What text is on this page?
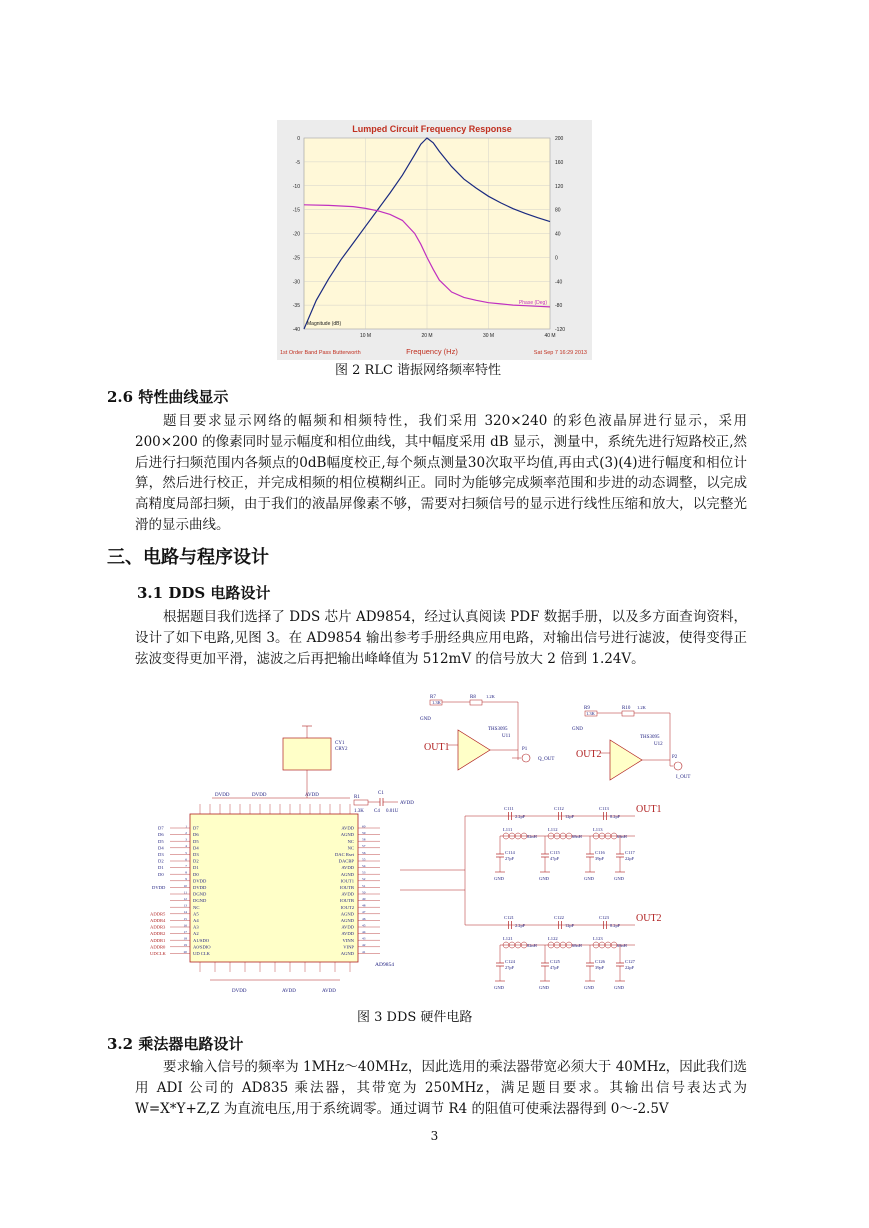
Lumped Circuit Frequency Response
0
-5
-10
-15
-20
-25
-30
-35
-40
200
160
120
80
40
0
-40
-80
-120
10 M	20 M	30 M	40 M
Magnitude (dB)
Phase (Deg)
Frequency (Hz)
1st Order Band Pass Butterworth	Sat Sep 7 16:29 2013
图 2 RLC 谐振网络频率特性
2.6 特性曲线显示

题目要求显示网络的幅频和相频特性，我们采用 320×240 的彩色液晶屏进行显示，采用 200×200 的像素同时显示幅度和相位曲线，其中幅度采用 dB 显示，测量中，系统先进行短路校正,然后进行扫频范围内各频点的0dB幅度校正,每个频点测量30次取平均值,再由式(3)(4)进行幅度和相位计算，然后进行校正，并完成相频的相位模糊纠正。同时为能够完成频率范围和步进的动态调整，以完成高精度局部扫频，由于我们的液晶屏像素不够，需要对扫频信号的显示进行线性压缩和放大，以完整光滑的显示曲线。

三、电路与程序设计
3.1 DDS 电路设计

根据题目我们选择了 DDS 芯片 AD9854，经过认真阅读 PDF 数据手册，以及多方面查询资料，设计了如下电路,见图 3。在 AD9854 输出参考手册经典应用电路，对输出信号进行滤波，使得变得正弦波变得更加平滑，滤波之后再把输出峰峰值为 512mV 的信号放大 2 倍到 1.24V。

AD9854
D7
1
D6
2
D5
3
D4
4
D3
5
D2
6
D1
7
D0
8
DVDD
9
DVDD
10
DGND
11
DGND
12
NC
13
A5
14
A4
15
A3
16
A2
17
A1/SDO
18
A0/SDIO
19
UD CLK
20
D7
D6
D5
D4
D3
D2
D1
D0
DVDD
ADDR5
ADDR4
ADDR3
ADDR2
ADDR1
ADDR0
UDCLK
AVDD 60
AGND 59
NC 58
NC 57
DAC Rset 56
DACBP 55
AVDD 54
AGND 53
IOUT1 52
IOUTB 51
AVDD 50
IOUTB 49
IOUT2 48
AGND 47
AGND 46
AVDD 45
AVDD 44
VINN 43
VINP 42
AGND 41
DVDD	AVDD	AVDD
DVDD	DVDD	AVDD
CY1
CRY2
R1
1.3K
C1
C4 0.01U
AVDD
R7
1.3K
GND
R8 1.2K
THS3095
U11
OUT1	P1
Q_OUT
R9
1.3K
GND
R10 1.2K
THS3095
U12
OUT2	P2
I_OUT
C111
2.2pF
C112
12pF
C113
8.2pF
L111
82nH
L112
68nH
L113
68nH
C114
27pF
GND
C115
47pF
GND
C116
39pF
GND
C117
22pF
GND
C121
2.2pF
C122
12pF
C123
8.2pF
L121
82nH
L122
68nH
L123
68nH
C124
27pF
GND
C125
47pF
GND
C126
39pF
GND
C127
22pF
GND
OUT1
OUT2
图 3 DDS 硬件电路
3.2 乘法器电路设计

要求输入信号的频率为 1MHz～40MHz，因此选用的乘法器带宽必须大于 40MHz，因此我们选用 ADI 公司的 AD835 乘法器，其带宽为 250MHz，满足题目要求。其输出信号表达式为 W=X*Y+Z,Z 为直流电压,用于系统调零。通过调节 R4 的阻值可使乘法器得到 0～-2.5V

3
